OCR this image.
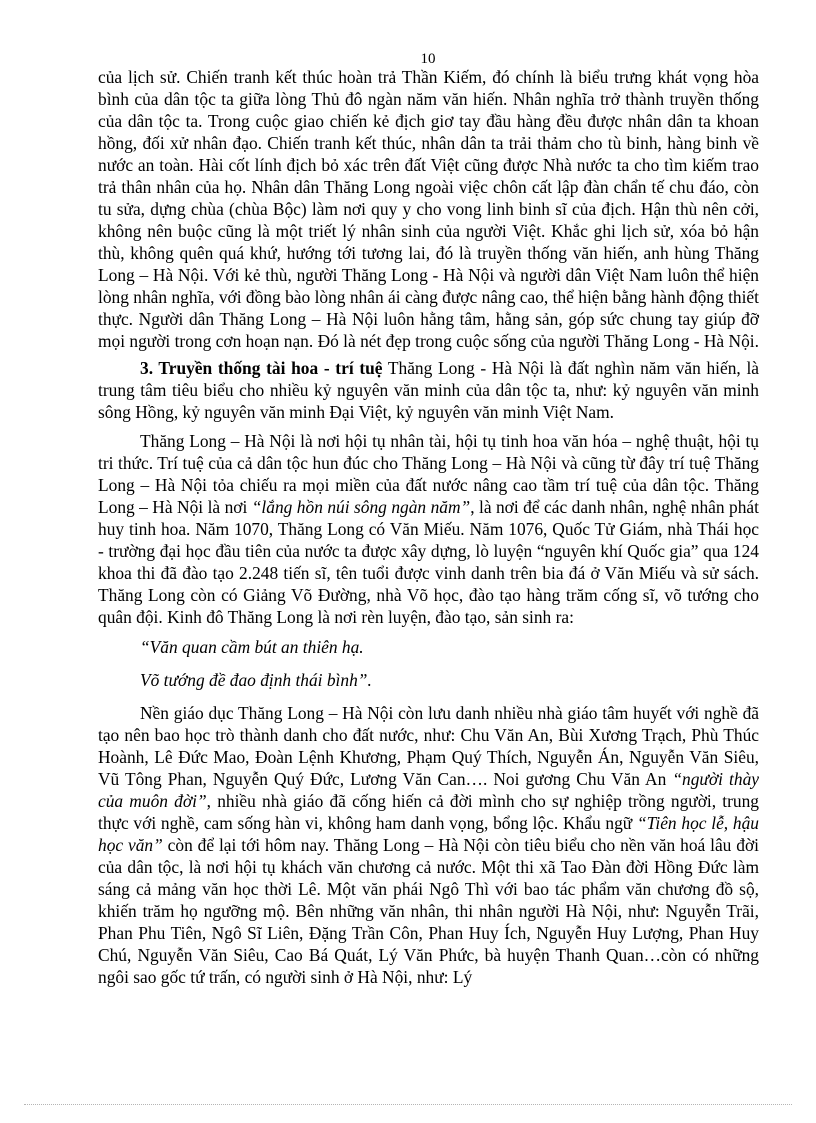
10

của lịch sử. Chiến tranh kết thúc hoàn trả Thần Kiếm, đó chính là biểu trưng khát vọng hòa bình của dân tộc ta giữa lòng Thủ đô ngàn năm văn hiến. Nhân nghĩa trở thành truyền thống của dân tộc ta. Trong cuộc giao chiến kẻ địch giơ tay đầu hàng đều được nhân dân ta khoan hồng, đối xử nhân đạo. Chiến tranh kết thúc, nhân dân ta trải thảm cho tù binh, hàng binh về nước an toàn. Hài cốt lính địch bỏ xác trên đất Việt cũng được Nhà nước ta cho tìm kiếm trao trả thân nhân của họ. Nhân dân Thăng Long ngoài việc chôn cất lập đàn chẩn tế chu đáo, còn tu sửa, dựng chùa (chùa Bộc) làm nơi quy y cho vong linh binh sĩ của địch. Hận thù nên cởi, không nên buộc cũng là một triết lý nhân sinh của người Việt. Khắc ghi lịch sử, xóa bỏ hận thù, không quên quá khứ, hướng tới tương lai, đó là truyền thống văn hiến, anh hùng Thăng Long – Hà Nội. Với kẻ thù, người Thăng Long - Hà Nội và người dân Việt Nam luôn thể hiện lòng nhân nghĩa, với đồng bào lòng nhân ái càng được nâng cao, thể hiện bằng hành động thiết thực. Người dân Thăng Long – Hà Nội luôn hằng tâm, hằng sản, góp sức chung tay giúp đỡ mọi người trong cơn hoạn nạn. Đó là nét đẹp trong cuộc sống của người Thăng Long - Hà Nội.

3. Truyền thống tài hoa - trí tuệ Thăng Long - Hà Nội là đất nghìn năm văn hiến, là trung tâm tiêu biểu cho nhiều kỷ nguyên văn minh của dân tộc ta, như: kỷ nguyên văn minh sông Hồng, kỷ nguyên văn minh Đại Việt, kỷ nguyên văn minh Việt Nam.

Thăng Long – Hà Nội là nơi hội tụ nhân tài, hội tụ tinh hoa văn hóa – nghệ thuật, hội tụ tri thức. Trí tuệ của cả dân tộc hun đúc cho Thăng Long – Hà Nội và cũng từ đây trí tuệ Thăng Long – Hà Nội tỏa chiếu ra mọi miền của đất nước nâng cao tầm trí tuệ của dân tộc. Thăng Long – Hà Nội là nơi “lắng hồn núi sông ngàn năm”, là nơi để các danh nhân, nghệ nhân phát huy tinh hoa. Năm 1070, Thăng Long có Văn Miếu. Năm 1076, Quốc Tử Giám, nhà Thái học - trường đại học đầu tiên của nước ta được xây dựng, lò luyện “nguyên khí Quốc gia” qua 124 khoa thi đã đào tạo 2.248 tiến sĩ, tên tuổi được vinh danh trên bia đá ở Văn Miếu và sử sách. Thăng Long còn có Giảng Võ Đường, nhà Võ học, đào tạo hàng trăm cống sĩ, võ tướng cho quân đội. Kinh đô Thăng Long là nơi rèn luyện, đào tạo, sản sinh ra:

“Văn quan cầm bút an thiên hạ.

Võ tướng đề đao định thái bình”.

Nền giáo dục Thăng Long – Hà Nội còn lưu danh nhiều nhà giáo tâm huyết với nghề đã tạo nên bao học trò thành danh cho đất nước, như: Chu Văn An, Bùi Xương Trạch, Phù Thúc Hoành, Lê Đức Mao, Đoàn Lệnh Khương, Phạm Quý Thích, Nguyễn Án, Nguyễn Văn Siêu, Vũ Tông Phan, Nguyễn Quý Đức, Lương Văn Can…. Noi gương Chu Văn An “người thày của muôn đời”, nhiều nhà giáo đã cống hiến cả đời mình cho sự nghiệp trồng người, trung thực với nghề, cam sống hàn vi, không ham danh vọng, bổng lộc. Khẩu ngữ “Tiên học lễ, hậu học văn” còn để lại tới hôm nay. Thăng Long – Hà Nội còn tiêu biểu cho nền văn hoá lâu đời của dân tộc, là nơi hội tụ khách văn chương cả nước. Một thi xã Tao Đàn đời Hồng Đức làm sáng cả mảng văn học thời Lê. Một văn phái Ngô Thì với bao tác phẩm văn chương đồ sộ, khiến trăm họ ngưỡng mộ. Bên những văn nhân, thi nhân người Hà Nội, như: Nguyễn Trãi, Phan Phu Tiên, Ngô Sĩ Liên, Đặng Trần Côn, Phan Huy Ích, Nguyễn Huy Lượng, Phan Huy Chú, Nguyễn Văn Siêu, Cao Bá Quát, Lý Văn Phức, bà huyện Thanh Quan…còn có những ngôi sao gốc tứ trấn, có người sinh ở Hà Nội, như: Lý
